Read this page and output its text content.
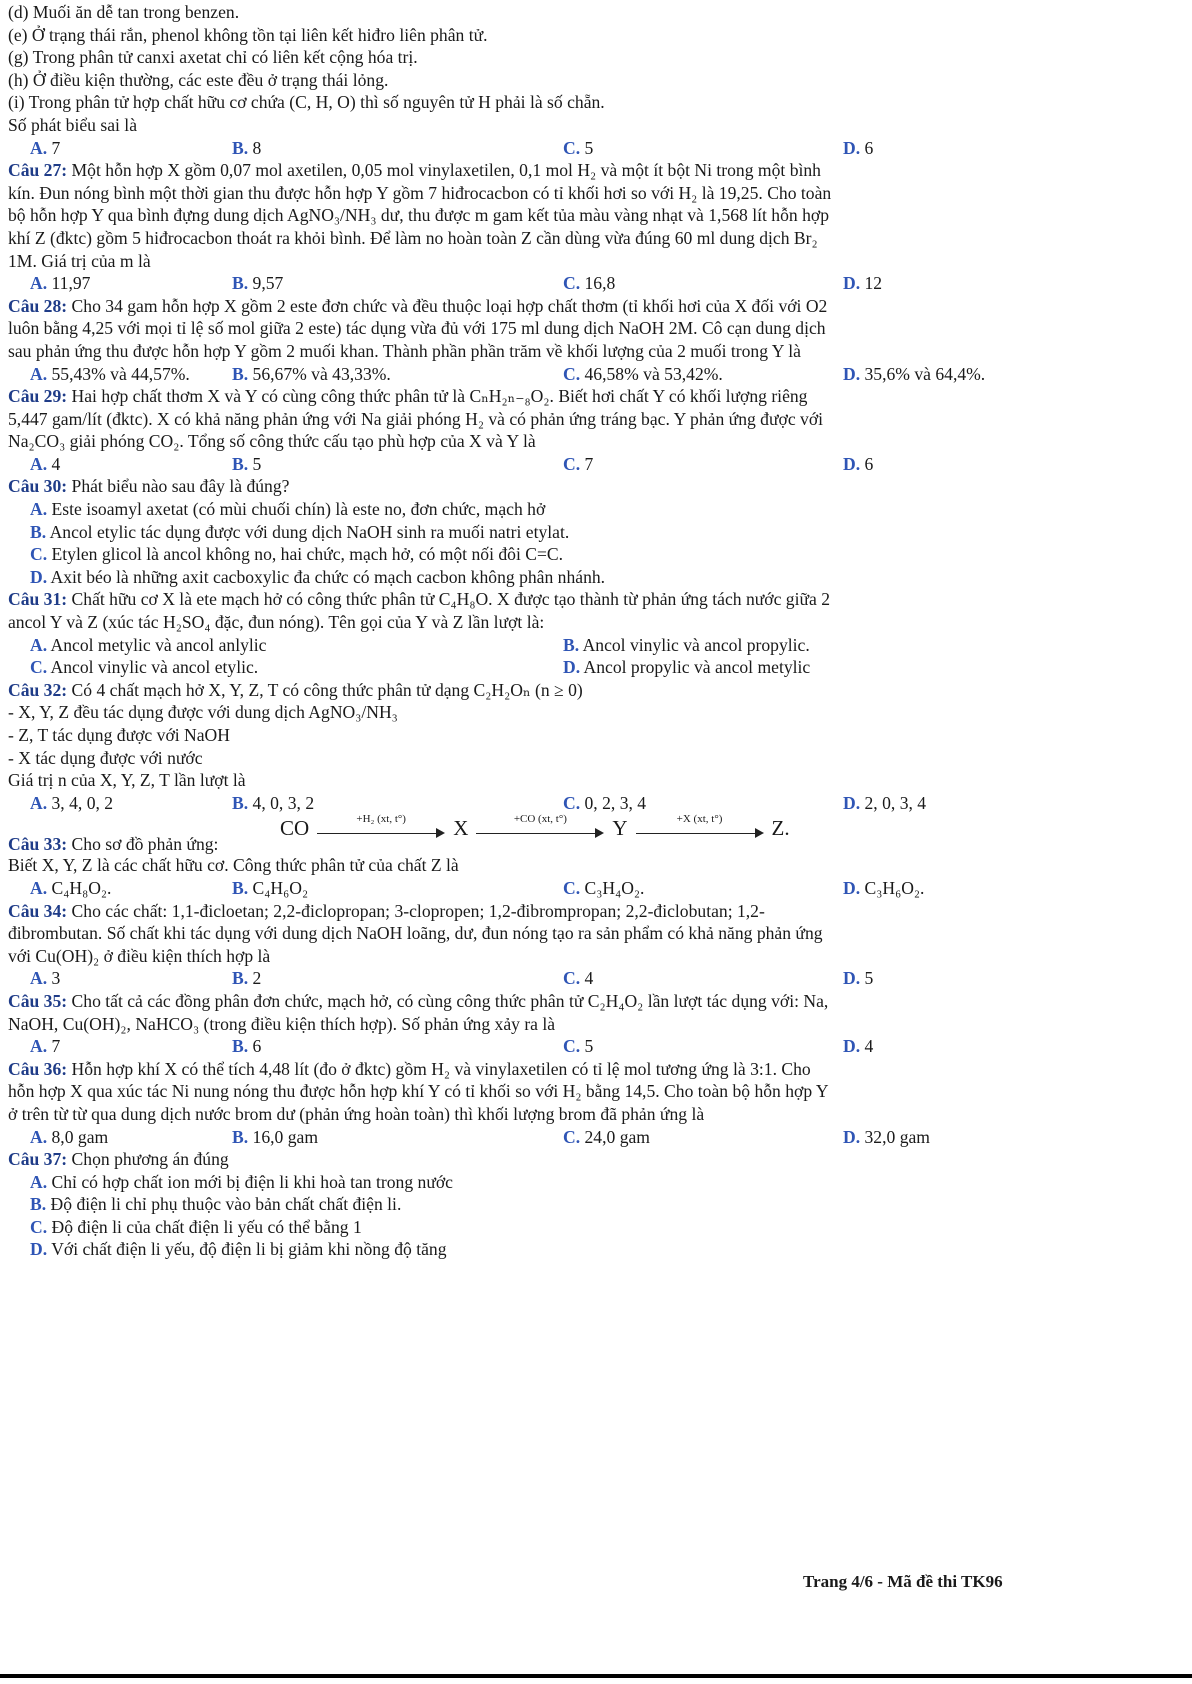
(d) Muối ăn dễ tan trong benzen.
(e) Ở trạng thái rắn, phenol không tồn tại liên kết hiđro liên phân tử.
(g) Trong phân tử canxi axetat chỉ có liên kết cộng hóa trị.
(h) Ở điều kiện thường, các este đều ở trạng thái lỏng.
(i) Trong phân tử hợp chất hữu cơ chứa (C, H, O) thì số nguyên tử H phải là số chẵn.
Số phát biểu sai là
A. 7	B. 8	C. 5	D. 6
Câu 27: Một hỗn hợp X gồm 0,07 mol axetilen, 0,05 mol vinylaxetilen, 0,1 mol H₂ và một ít bột Ni trong một bình
kín. Đun nóng bình một thời gian thu được hỗn hợp Y gồm 7 hiđrocacbon có tỉ khối hơi so với H₂ là 19,25. Cho toàn
bộ hỗn hợp Y qua bình đựng dung dịch AgNO₃/NH₃ dư, thu được m gam kết tủa màu vàng nhạt và 1,568 lít hỗn hợp
khí Z (đktc) gồm 5 hiđrocacbon thoát ra khỏi bình. Để làm no hoàn toàn Z cần dùng vừa đúng 60 ml dung dịch Br₂
1M. Giá trị của m là
A. 11,97	B. 9,57	C. 16,8	D. 12
Câu 28: Cho 34 gam hỗn hợp X gồm 2 este đơn chức và đều thuộc loại hợp chất thơm (tỉ khối hơi của X đối với O2
luôn bằng 4,25 với mọi tỉ lệ số mol giữa 2 este) tác dụng vừa đủ với 175 ml dung dịch NaOH 2M. Cô cạn dung dịch
sau phản ứng thu được hỗn hợp Y gồm 2 muối khan. Thành phần phần trăm về khối lượng của 2 muối trong Y là
A. 55,43% và 44,57%. B. 56,67% và 43,33%.	C. 46,58% và 53,42%.	D. 35,6% và 64,4%.
Câu 29: Hai hợp chất thơm X và Y có cùng công thức phân tử là CₙH₂ₙ₋₈O₂. Biết hơi chất Y có khối lượng riêng
5,447 gam/lít (đktc). X có khả năng phản ứng với Na giải phóng H₂ và có phản ứng tráng bạc. Y phản ứng được với
Na₂CO₃ giải phóng CO₂. Tổng số công thức cấu tạo phù hợp của X và Y là
A. 4	B. 5	C. 7	D. 6
Câu 30: Phát biểu nào sau đây là đúng?
A. Este isoamyl axetat (có mùi chuối chín) là este no, đơn chức, mạch hở
B. Ancol etylic tác dụng được với dung dịch NaOH sinh ra muối natri etylat.
C. Etylen glicol là ancol không no, hai chức, mạch hở, có một nối đôi C=C.
D. Axit béo là những axit cacboxylic đa chức có mạch cacbon không phân nhánh.
Câu 31: Chất hữu cơ X là ete mạch hở có công thức phân tử C₄H₈O. X được tạo thành từ phản ứng tách nước giữa 2
ancol Y và Z (xúc tác H₂SO₄ đặc, đun nóng). Tên gọi của Y và Z lần lượt là:
A. Ancol metylic và ancol anlylic	B. Ancol vinylic và ancol propylic.
C. Ancol vinylic và ancol etylic.	D. Ancol propylic và ancol metylic
Câu 32: Có 4 chất mạch hở X, Y, Z, T có công thức phân tử dạng C₂H₂Oₙ (n ≥ 0)
- X, Y, Z đều tác dụng được với dung dịch AgNO₃/NH₃
- Z, T tác dụng được với NaOH
- X tác dụng được với nước
Giá trị n của X, Y, Z, T lần lượt là
A. 3, 4, 0, 2	B. 4, 0, 3, 2	C. 0, 2, 3, 4	D. 2, 0, 3, 4
Câu 33: Cho sơ đồ phản ứng:
CO	+H₂ (xt, t°)	X	+CO (xt, t°)	Y	+X (xt, t°)	Z.
Biết X, Y, Z là các chất hữu cơ. Công thức phân tử của chất Z là
A. C₄H₈O₂.	B. C₄H₆O₂	C. C₃H₄O₂.	D. C₃H₆O₂.
Câu 34: Cho các chất: 1,1-đicloetan; 2,2-điclopropan; 3-clopropen; 1,2-đibrompropan; 2,2-điclobutan; 1,2-
đibrombutan. Số chất khi tác dụng với dung dịch NaOH loãng, dư, đun nóng tạo ra sản phẩm có khả năng phản ứng
với Cu(OH)₂ ở điều kiện thích hợp là
A. 3	B. 2	C. 4	D. 5
Câu 35: Cho tất cả các đồng phân đơn chức, mạch hở, có cùng công thức phân tử C₂H₄O₂ lần lượt tác dụng với: Na,
NaOH, Cu(OH)₂, NaHCO₃ (trong điều kiện thích hợp). Số phản ứng xảy ra là
A. 7	B. 6	C. 5	D. 4
Câu 36: Hỗn hợp khí X có thể tích 4,48 lít (đo ở đktc) gồm H₂ và vinylaxetilen có tỉ lệ mol tương ứng là 3:1. Cho
hỗn hợp X qua xúc tác Ni nung nóng thu được hỗn hợp khí Y có tỉ khối so với H₂ bằng 14,5. Cho toàn bộ hỗn hợp Y
ở trên từ từ qua dung dịch nước brom dư (phản ứng hoàn toàn) thì khối lượng brom đã phản ứng là
A. 8,0 gam	B. 16,0 gam	C. 24,0 gam	D. 32,0 gam
Câu 37: Chọn phương án đúng
A. Chỉ có hợp chất ion mới bị điện li khi hoà tan trong nước
B. Độ điện li chỉ phụ thuộc vào bản chất chất điện li.
C. Độ điện li của chất điện li yếu có thể bằng 1
D. Với chất điện li yếu, độ điện li bị giảm khi nồng độ tăng
Trang 4/6 - Mã đề thi TK96
